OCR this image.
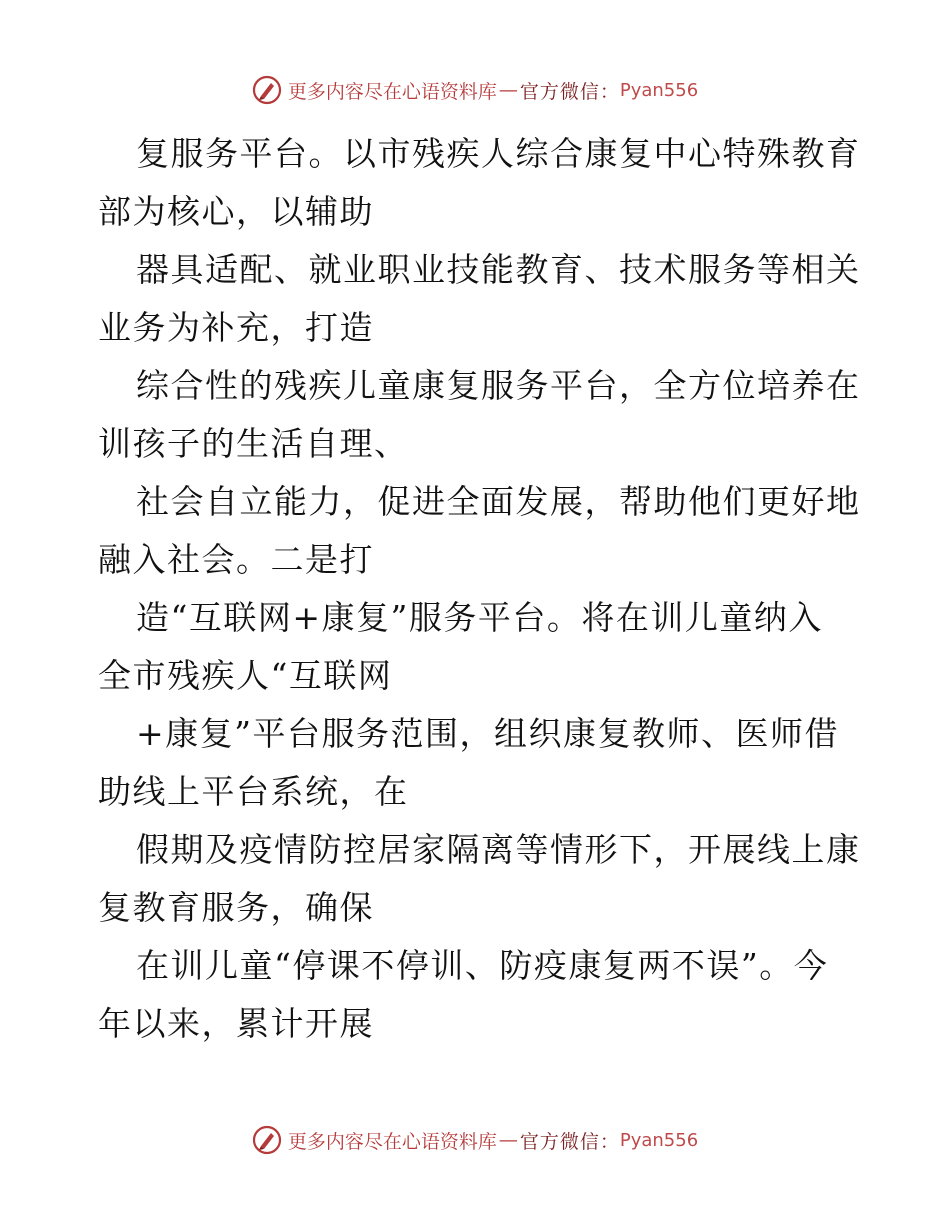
更多内容尽在心语资料库 — 官方微信： Pyan556

复服务平台。以市残疾人综合康复中心特殊教育
部为核心，以辅助

器具适配、就业职业技能教育、技术服务等相关
业务为补充，打造

综合性的残疾儿童康复服务平台，全方位培养在
训孩子的生活自理、

社会自立能力，促进全面发展，帮助他们更好地
融入社会。二是打

造“互联网+康复”服务平台。将在训儿童纳入
全市残疾人“互联网

+康复”平台服务范围，组织康复教师、医师借
助线上平台系统，在

假期及疫情防控居家隔离等情形下，开展线上康
复教育服务，确保

在训儿童“停课不停训、防疫康复两不误”。今
年以来，累计开展

更多内容尽在心语资料库 — 官方微信： Pyan556
